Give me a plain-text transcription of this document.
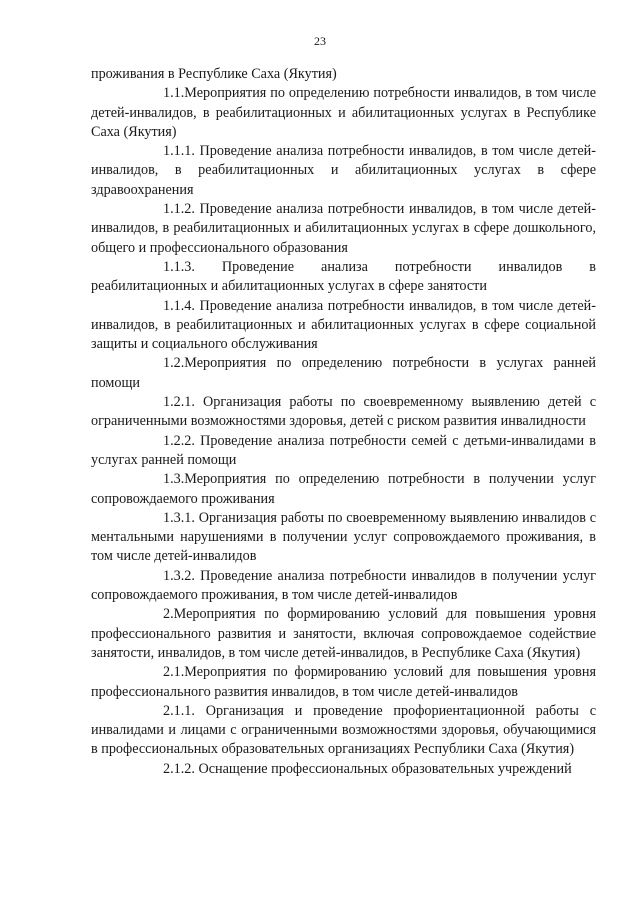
23

проживания в Республике Саха (Якутия)

1.1.Мероприятия по определению потребности инвалидов, в том числе детей-инвалидов, в реабилитационных и абилитационных услугах в Республике Саха (Якутия)

1.1.1. Проведение анализа потребности инвалидов, в том числе детей-инвалидов, в реабилитационных и абилитационных услугах в сфере здравоохранения

1.1.2. Проведение анализа потребности инвалидов, в том числе детей-инвалидов, в реабилитационных и абилитационных услугах в сфере дошкольного, общего и профессионального образования

1.1.3. Проведение анализа потребности инвалидов в реабилитационных и абилитационных услугах в сфере занятости

1.1.4. Проведение анализа потребности инвалидов, в том числе детей-инвалидов, в реабилитационных и абилитационных услугах в сфере социальной защиты и социального обслуживания

1.2.Мероприятия по определению потребности в услугах ранней помощи

1.2.1. Организация работы по своевременному выявлению детей с ограниченными возможностями здоровья, детей с риском развития инвалидности

1.2.2. Проведение анализа потребности семей с детьми-инвалидами в услугах ранней помощи

1.3.Мероприятия по определению потребности в получении услуг сопровождаемого проживания

1.3.1. Организация работы по своевременному выявлению инвалидов с ментальными нарушениями в получении услуг сопровождаемого проживания, в том числе детей-инвалидов

1.3.2. Проведение анализа потребности инвалидов в получении услуг сопровождаемого проживания, в том числе детей-инвалидов

2.Мероприятия по формированию условий для повышения уровня профессионального развития и занятости, включая сопровождаемое содействие занятости, инвалидов, в том числе детей-инвалидов, в Республике Саха (Якутия)

2.1.Мероприятия по формированию условий для повышения уровня профессионального развития инвалидов, в том числе детей-инвалидов

2.1.1. Организация и проведение профориентационной работы с инвалидами и лицами с ограниченными возможностями здоровья, обучающимися в профессиональных образовательных организациях Республики Саха (Якутия)

2.1.2. Оснащение профессиональных образовательных учреждений
